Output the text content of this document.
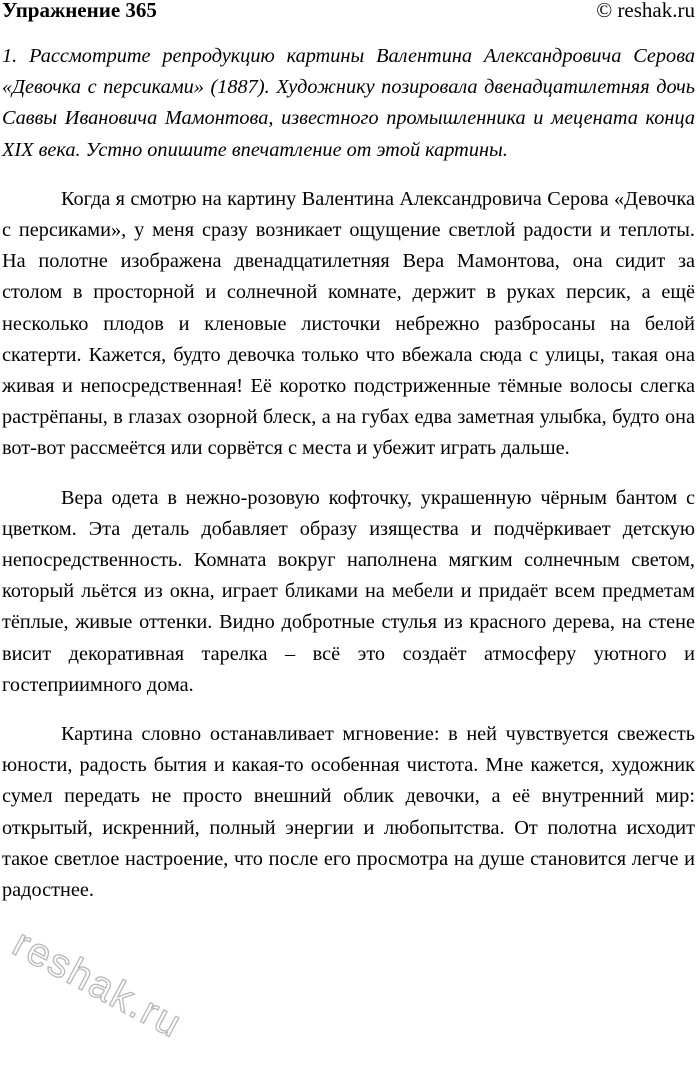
Упражнение 365	© reshak.ru

1. Рассмотрите репродукцию картины Валентина Александровича Серова «Девочка с персиками» (1887). Художнику позировала двенадцатилетняя дочь Саввы Ивановича Мамонтова, известного промышленника и мецената конца XIX века. Устно опишите впечатление от этой картины.

Когда я смотрю на картину Валентина Александровича Серова «Девочка с персиками», у меня сразу возникает ощущение светлой радости и теплоты. На полотне изображена двенадцатилетняя Вера Мамонтова, она сидит за столом в просторной и солнечной комнате, держит в руках персик, а ещё несколько плодов и кленовые листочки небрежно разбросаны на белой скатерти. Кажется, будто девочка только что вбежала сюда с улицы, такая она живая и непосредственная! Её коротко подстриженные тёмные волосы слегка растрёпаны, в глазах озорной блеск, а на губах едва заметная улыбка, будто она вот-вот рассмеётся или сорвётся с места и убежит играть дальше.

Вера одета в нежно-розовую кофточку, украшенную чёрным бантом с цветком. Эта деталь добавляет образу изящества и подчёркивает детскую непосредственность. Комната вокруг наполнена мягким солнечным светом, который льётся из окна, играет бликами на мебели и придаёт всем предметам тёплые, живые оттенки. Видно добротные стулья из красного дерева, на стене висит декоративная тарелка – всё это создаёт атмосферу уютного и гостеприимного дома.

Картина словно останавливает мгновение: в ней чувствуется свежесть юности, радость бытия и какая-то особенная чистота. Мне кажется, художник сумел передать не просто внешний облик девочки, а её внутренний мир: открытый, искренний, полный энергии и любопытства. От полотна исходит такое светлое настроение, что после его просмотра на душе становится легче и радостнее.

reshak.ru
